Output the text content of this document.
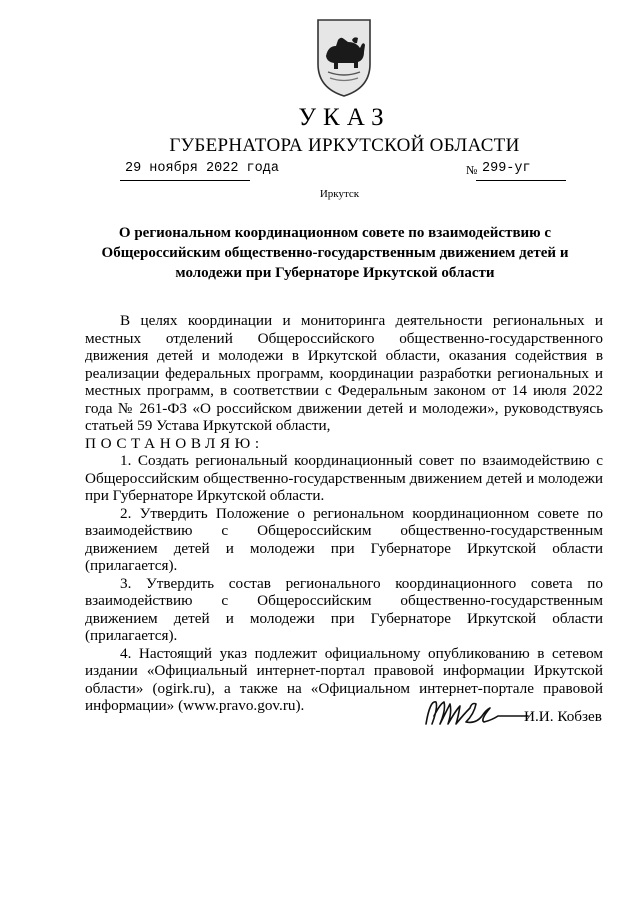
УКАЗ
ГУБЕРНАТОРА ИРКУТСКОЙ ОБЛАСТИ
29 ноября 2022 года	№ 299-уг
Иркутск
О региональном координационном совете по взаимодействию с Общероссийским общественно-государственным движением детей и молодежи при Губернаторе Иркутской области

В целях координации и мониторинга деятельности региональных и местных отделений Общероссийского общественно-государственного движения детей и молодежи в Иркутской области, оказания содействия в реализации федеральных программ, координации разработки региональных и местных программ, в соответствии с Федеральным законом от 14 июля 2022 года № 261-ФЗ «О российском движении детей и молодежи», руководствуясь статьей 59 Устава Иркутской области,

ПОСТАНОВЛЯЮ:

1. Создать региональный координационный совет по взаимодействию с Общероссийским общественно-государственным движением детей и молодежи при Губернаторе Иркутской области.

2. Утвердить Положение о региональном координационном совете по взаимодействию с Общероссийским общественно-государственным движением детей и молодежи при Губернаторе Иркутской области (прилагается).

3. Утвердить состав регионального координационного совета по взаимодействию с Общероссийским общественно-государственным движением детей и молодежи при Губернаторе Иркутской области (прилагается).

4. Настоящий указ подлежит официальному опубликованию в сетевом издании «Официальный интернет-портал правовой информации Иркутской области» (ogirk.ru), а также на «Официальном интернет-портале правовой информации» (www.pravo.gov.ru).

И.И. Кобзев
